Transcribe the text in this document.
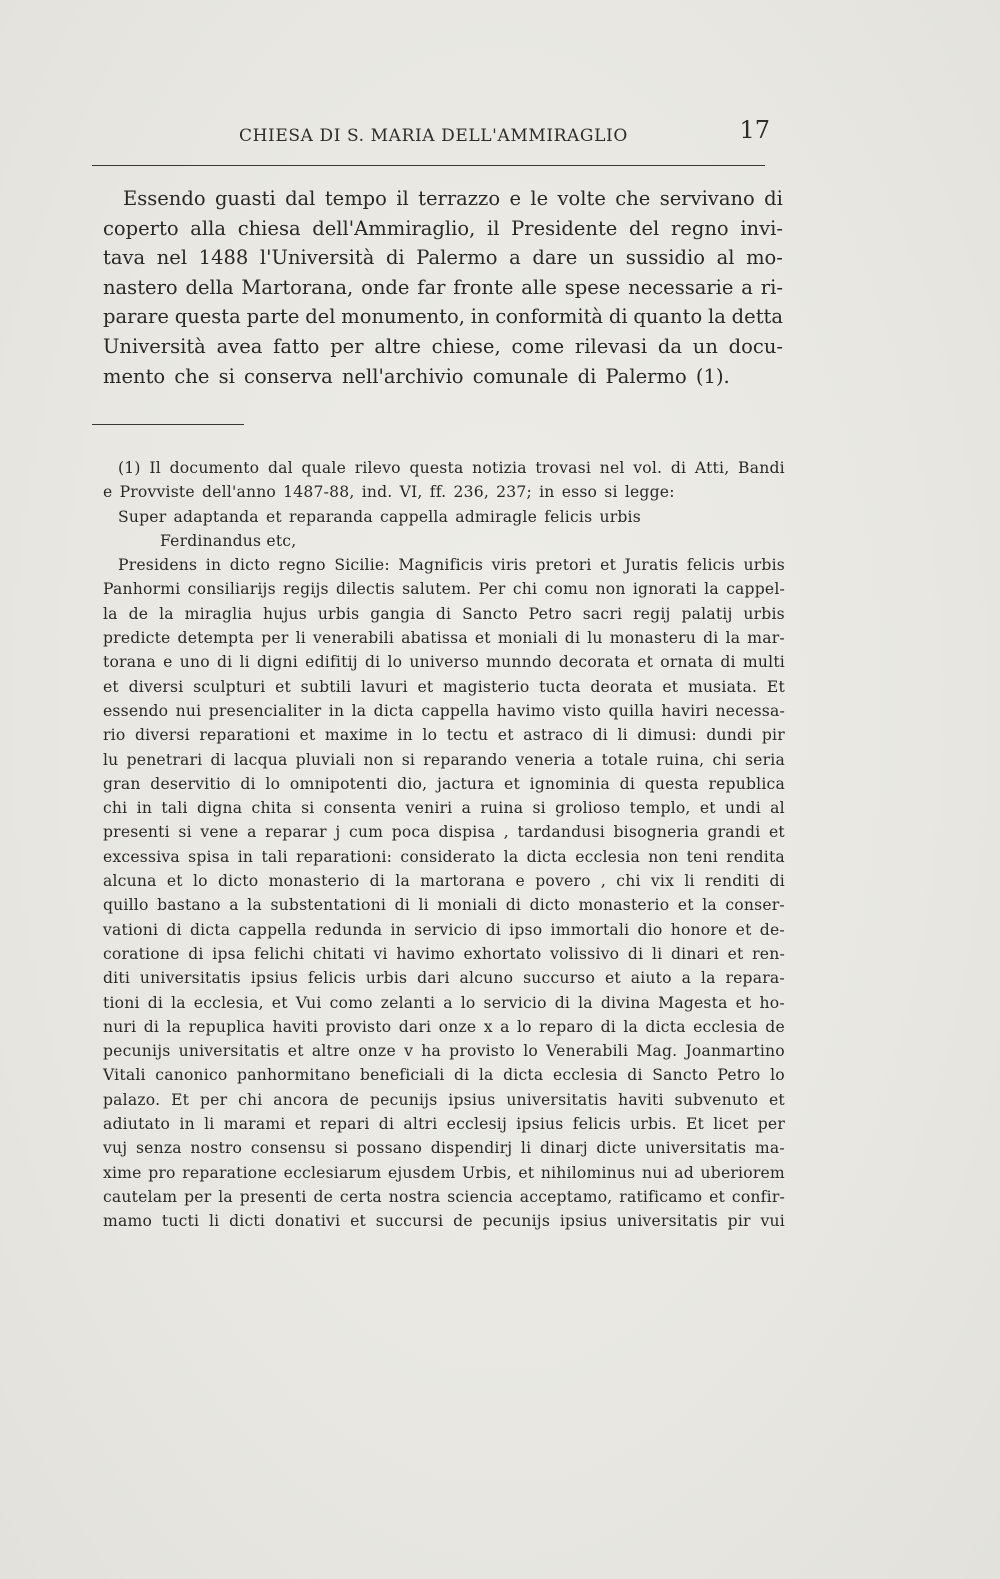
CHIESA DI S. MARIA DELL'AMMIRAGLIO	17
Essendo guasti dal tempo il terrazzo e le volte che servivano di
coperto alla chiesa dell'Ammiraglio, il Presidente del regno invi-
tava nel 1488 l'Università di Palermo a dare un sussidio al mo-
nastero della Martorana, onde far fronte alle spese necessarie a ri-
parare questa parte del monumento, in conformità di quanto la detta
Università avea fatto per altre chiese, come rilevasi da un docu-
mento che si conserva nell'archivio comunale di Palermo (1).
(1) Il documento dal quale rilevo questa notizia trovasi nel vol. di Atti, Bandi
e Provviste dell'anno 1487-88, ind. VI, ff. 236, 237; in esso si legge:
Super adaptanda et reparanda cappella admiragle felicis urbis
Ferdinandus etc,
Presidens in dicto regno Sicilie: Magnificis viris pretori et Juratis felicis urbis
Panhormi consiliarijs regijs dilectis salutem. Per chi comu non ignorati la cappel-
la de la miraglia hujus urbis gangia di Sancto Petro sacri regij palatij urbis
predicte detempta per li venerabili abatissa et moniali di lu monasteru di la mar-
torana e uno di li digni edifitij di lo universo munndo decorata et ornata di multi
et diversi sculpturi et subtili lavuri et magisterio tucta deorata et musiata. Et
essendo nui presencialiter in la dicta cappella havimo visto quilla haviri necessa-
rio diversi reparationi et maxime in lo tectu et astraco di li dimusi: dundi pir
lu penetrari di lacqua pluviali non si reparando veneria a totale ruina, chi seria
gran deservitio di lo omnipotenti dio, jactura et ignominia di questa republica
chi in tali digna chita si consenta veniri a ruina si grolioso templo, et undi al
presenti si vene a reparar j cum poca dispisa , tardandusi bisogneria grandi et
excessiva spisa in tali reparationi: considerato la dicta ecclesia non teni rendita
alcuna et lo dicto monasterio di la martorana e povero , chi vix li renditi di
quillo bastano a la substentationi di li moniali di dicto monasterio et la conser-
vationi di dicta cappella redunda in servicio di ipso immortali dio honore et de-
coratione di ipsa felichi chitati vi havimo exhortato volissivo di li dinari et ren-
diti universitatis ipsius felicis urbis dari alcuno succurso et aiuto a la repara-
tioni di la ecclesia, et Vui como zelanti a lo servicio di la divina Magesta et ho-
nuri di la repuplica haviti provisto dari onze x a lo reparo di la dicta ecclesia de
pecunijs universitatis et altre onze v ha provisto lo Venerabili Mag. Joanmartino
Vitali canonico panhormitano beneficiali di la dicta ecclesia di Sancto Petro lo
palazo. Et per chi ancora de pecunijs ipsius universitatis haviti subvenuto et
adiutato in li marami et repari di altri ecclesij ipsius felicis urbis. Et licet per
vuj senza nostro consensu si possano dispendirj li dinarj dicte universitatis ma-
xime pro reparatione ecclesiarum ejusdem Urbis, et nihilominus nui ad uberiorem
cautelam per la presenti de certa nostra sciencia acceptamo, ratificamo et confir-
mamo tucti li dicti donativi et succursi de pecunijs ipsius universitatis pir vui
